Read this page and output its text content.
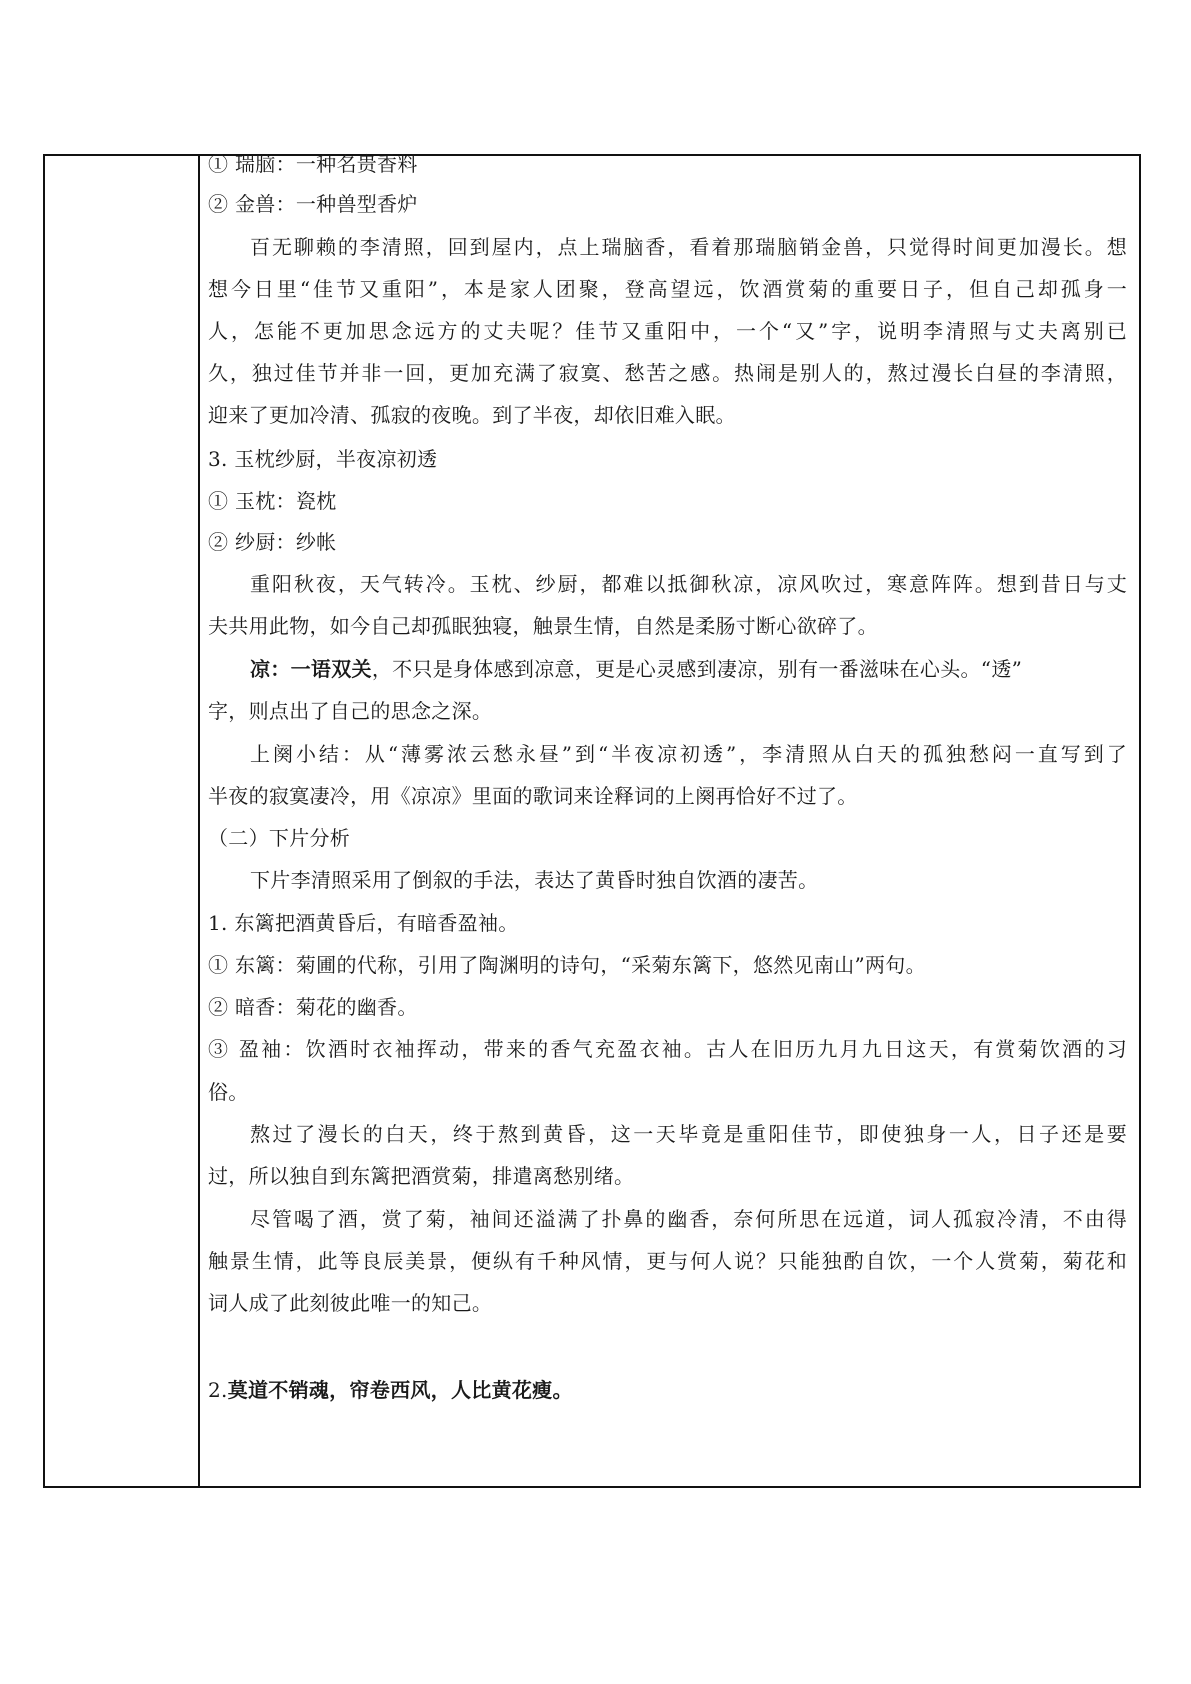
① 瑞脑：一种名贵香料
② 金兽：一种兽型香炉
百无聊赖的李清照，回到屋内，点上瑞脑香，看着那瑞脑销金兽，只觉得时间更加漫长。想
想今日里“佳节又重阳”，本是家人团聚，登高望远，饮酒赏菊的重要日子，但自己却孤身一
人，怎能不更加思念远方的丈夫呢？佳节又重阳中，一个“又”字，说明李清照与丈夫离别已
久，独过佳节并非一回，更加充满了寂寞、愁苦之感。热闹是别人的，熬过漫长白昼的李清照，
迎来了更加冷清、孤寂的夜晚。到了半夜，却依旧难入眠。
3. 玉枕纱厨，半夜凉初透
① 玉枕：瓷枕
② 纱厨：纱帐
重阳秋夜，天气转冷。玉枕、纱厨，都难以抵御秋凉，凉风吹过，寒意阵阵。想到昔日与丈
夫共用此物，如今自己却孤眠独寝，触景生情，自然是柔肠寸断心欲碎了。
凉：一语双关，不只是身体感到凉意，更是心灵感到凄凉，别有一番滋味在心头。“透”
字，则点出了自己的思念之深。
上阕小结：从“薄雾浓云愁永昼”到“半夜凉初透”，李清照从白天的孤独愁闷一直写到了
半夜的寂寞凄冷，用《凉凉》里面的歌词来诠释词的上阕再恰好不过了。
（二）下片分析
下片李清照采用了倒叙的手法，表达了黄昏时独自饮酒的凄苦。
1. 东篱把酒黄昏后，有暗香盈袖。
① 东篱：菊圃的代称，引用了陶渊明的诗句，“采菊东篱下，悠然见南山”两句。
② 暗香：菊花的幽香。
③ 盈袖：饮酒时衣袖挥动，带来的香气充盈衣袖。古人在旧历九月九日这天，有赏菊饮酒的习
俗。
熬过了漫长的白天，终于熬到黄昏，这一天毕竟是重阳佳节，即使独身一人，日子还是要
过，所以独自到东篱把酒赏菊，排遣离愁别绪。
尽管喝了酒，赏了菊，袖间还溢满了扑鼻的幽香，奈何所思在远道，词人孤寂冷清，不由得
触景生情，此等良辰美景，便纵有千种风情，更与何人说？只能独酌自饮，一个人赏菊，菊花和
词人成了此刻彼此唯一的知己。
2.莫道不销魂，帘卷西风，人比黄花瘦。
